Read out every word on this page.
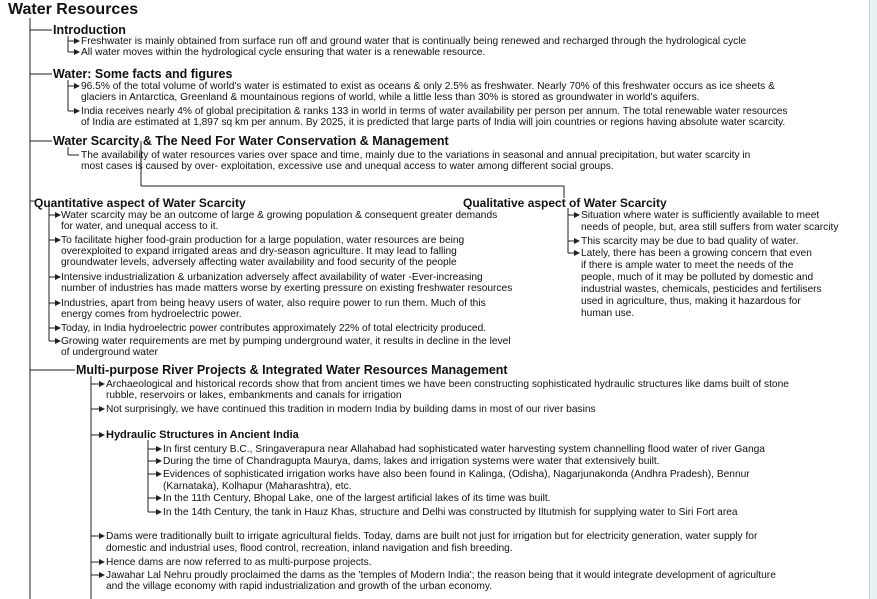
Water Resources
Introduction
Freshwater is mainly obtained from surface run off and ground water that is continually being renewed and recharged through the hydrological cycle
All water moves within the hydrological cycle ensuring that water is a renewable resource.
Water: Some facts and figures
96.5% of the total volume of world's water is estimated to exist as oceans & only 2.5% as freshwater. Nearly 70% of this freshwater occurs as ice sheets &
glaciers in Antarctica, Greenland & mountainous regions of world, while a little less than 30% is stored as groundwater in world's aquifers.
India receives nearly 4% of global precipitation & ranks 133 in world in terms of water availability per person per annum. The total renewable water resources
of India are estimated at 1,897 sq km per annum. By 2025, it is predicted that large parts of India will join countries or regions having absolute water scarcity.
Water Scarcity & The Need For Water Conservation & Management
The availability of water resources varies over space and time, mainly due to the variations in seasonal and annual precipitation, but water scarcity in
most cases is caused by over- exploitation, excessive use and unequal access to water among different social groups.
Quantitative aspect of Water Scarcity
Water scarcity may be an outcome of large & growing population & consequent greater demands
for water, and unequal access to it.
To facilitate higher food-grain production for a large population, water resources are being
overexploited to expand irrigated areas and dry-season agriculture. It may lead to falling
groundwater levels, adversely affecting water availability and food security of the people
Intensive industrialization & urbanization adversely affect availability of water -Ever-increasing
number of industries has made matters worse by exerting pressure on existing freshwater resources
Industries, apart from being heavy users of water, also require power to run them. Much of this
energy comes from hydroelectric power.
Today, in India hydroelectric power contributes approximately 22% of total electricity produced.
Growing water requirements are met by pumping underground water, it results in decline in the level
of underground water
Qualitative aspect of Water Scarcity
Situation where water is sufficiently available to meet
needs of people, but, area still suffers from water scarcity
This scarcity may be due to bad quality of water.
Lately, there has been a growing concern that even
if there is ample water to meet the needs of the
people, much of it may be polluted by domestic and
industrial wastes, chemicals, pesticides and fertilisers
used in agriculture, thus, making it hazardous for
human use.
Multi-purpose River Projects & Integrated Water Resources Management
Archaeological and historical records show that from ancient times we have been constructing sophisticated hydraulic structures like dams built of stone
rubble, reservoirs or lakes, embankments and canals for irrigation
Not surprisingly, we have continued this tradition in modern India by building dams in most of our river basins
Hydraulic Structures in Ancient India
In first century B.C., Sringaverapura near Allahabad had sophisticated water harvesting system channelling flood water of river Ganga
During the time of Chandragupta Maurya, dams, lakes and irrigation systems were water that extensively built.
Evidences of sophisticated irrigation works have also been found in Kalinga, (Odisha), Nagarjunakonda (Andhra Pradesh), Bennur
(Karnataka), Kolhapur (Maharashtra), etc.
In the 11th Century, Bhopal Lake, one of the largest artificial lakes of its time was built.
In the 14th Century, the tank in Hauz Khas, structure and Delhi was constructed by Iltutmish for supplying water to Siri Fort area
Dams were traditionally built to irrigate agricultural fields. Today, dams are built not just for irrigation but for electricity generation, water supply for
domestic and industrial uses, flood control, recreation, inland navigation and fish breeding.
Hence dams are now referred to as multi-purpose projects.
Jawahar Lal Nehru proudly proclaimed the dams as the 'temples of Modern India'; the reason being that it would integrate development of agriculture
and the village economy with rapid industrialization and growth of the urban economy.
